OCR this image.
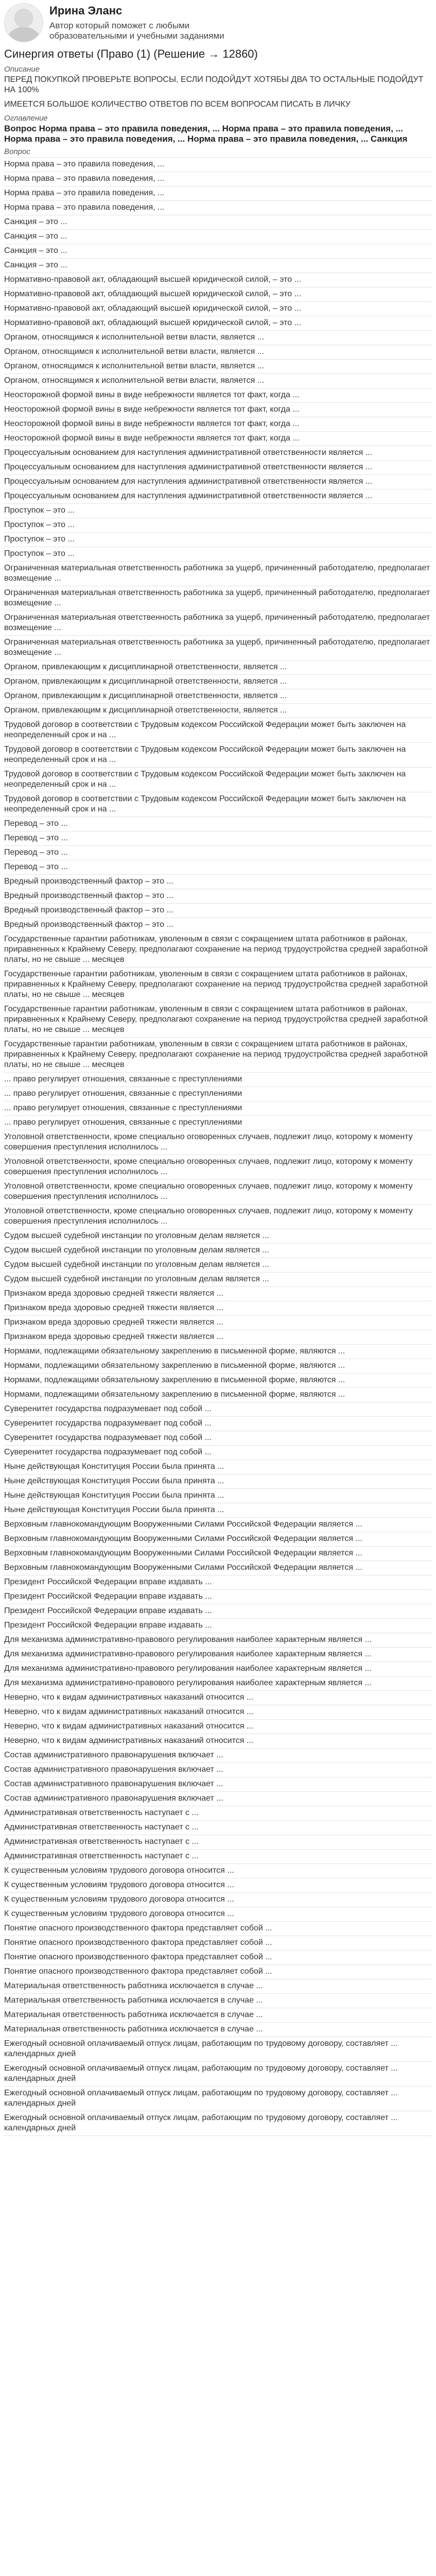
Ирина Эланс
Автор который поможет с любыми образовательными и учебными заданиями
Синергия ответы (Право (1) (Решение → 12860)
Описание

ПЕРЕД ПОКУПКОЙ ПРОВЕРЬТЕ ВОПРОСЫ, ЕСЛИ ПОДОЙДУТ ХОТЯБЫ ДВА ТО ОСТАЛЬНЫЕ ПОДОЙДУТ НА 100%

ИМЕЕТСЯ БОЛЬШОЕ КОЛИЧЕСТВО ОТВЕТОВ ПО ВСЕМ ВОПРОСАМ ПИСАТЬ В ЛИЧКУ

Оглавление
Вопрос Норма права – это правила поведения, ... Норма права – это правила поведения, ... Норма права – это правила поведения, ... Норма права – это правила поведения, ... Санкция
Вопрос
Норма права – это правила поведения, ...
Норма права – это правила поведения, ...
Норма права – это правила поведения, ...
Норма права – это правила поведения, ...
Санкция – это ...
Санкция – это ...
Санкция – это ...
Санкция – это ...
Нормативно-правовой акт, обладающий высшей юридической силой, – это ...
Нормативно-правовой акт, обладающий высшей юридической силой, – это ...
Нормативно-правовой акт, обладающий высшей юридической силой, – это ...
Нормативно-правовой акт, обладающий высшей юридической силой, – это ...
Органом, относящимся к исполнительной ветви власти, является ...
Органом, относящимся к исполнительной ветви власти, является ...
Органом, относящимся к исполнительной ветви власти, является ...
Органом, относящимся к исполнительной ветви власти, является ...
Неосторожной формой вины в виде небрежности является тот факт, когда ...
Неосторожной формой вины в виде небрежности является тот факт, когда ...
Неосторожной формой вины в виде небрежности является тот факт, когда ...
Неосторожной формой вины в виде небрежности является тот факт, когда ...
Процессуальным основанием для наступления административной ответственности является ...
Процессуальным основанием для наступления административной ответственности является ...
Процессуальным основанием для наступления административной ответственности является ...
Процессуальным основанием для наступления административной ответственности является ...
Проступок – это ...
Проступок – это ...
Проступок – это ...
Проступок – это ...
Ограниченная материальная ответственность работника за ущерб, причиненный работодателю, предполагает возмещение ...
Ограниченная материальная ответственность работника за ущерб, причиненный работодателю, предполагает возмещение ...
Ограниченная материальная ответственность работника за ущерб, причиненный работодателю, предполагает возмещение ...
Ограниченная материальная ответственность работника за ущерб, причиненный работодателю, предполагает возмещение ...
Органом, привлекающим к дисциплинарной ответственности, является ...
Органом, привлекающим к дисциплинарной ответственности, является ...
Органом, привлекающим к дисциплинарной ответственности, является ...
Органом, привлекающим к дисциплинарной ответственности, является ...
Трудовой договор в соответствии с Трудовым кодексом Российской Федерации может быть заключен на неопределенный срок и на ...
Трудовой договор в соответствии с Трудовым кодексом Российской Федерации может быть заключен на неопределенный срок и на ...
Трудовой договор в соответствии с Трудовым кодексом Российской Федерации может быть заключен на неопределенный срок и на ...
Трудовой договор в соответствии с Трудовым кодексом Российской Федерации может быть заключен на неопределенный срок и на ...
Перевод – это ...
Перевод – это ...
Перевод – это ...
Перевод – это ...
Вредный производственный фактор – это ...
Вредный производственный фактор – это ...
Вредный производственный фактор – это ...
Вредный производственный фактор – это ...
Государственные гарантии работникам, уволенным в связи с сокращением штата работников в районах, приравненных к Крайнему Северу, предполагают сохранение на период трудоустройства средней заработной платы, но не свыше ... месяцев
Государственные гарантии работникам, уволенным в связи с сокращением штата работников в районах, приравненных к Крайнему Северу, предполагают сохранение на период трудоустройства средней заработной платы, но не свыше ... месяцев
Государственные гарантии работникам, уволенным в связи с сокращением штата работников в районах, приравненных к Крайнему Северу, предполагают сохранение на период трудоустройства средней заработной платы, но не свыше ... месяцев
Государственные гарантии работникам, уволенным в связи с сокращением штата работников в районах, приравненных к Крайнему Северу, предполагают сохранение на период трудоустройства средней заработной платы, но не свыше ... месяцев
... право регулирует отношения, связанные с преступлениями
... право регулирует отношения, связанные с преступлениями
... право регулирует отношения, связанные с преступлениями
... право регулирует отношения, связанные с преступлениями
Уголовной ответственности, кроме специально оговоренных случаев, подлежит лицо, которому к моменту совершения преступления исполнилось ...
Уголовной ответственности, кроме специально оговоренных случаев, подлежит лицо, которому к моменту совершения преступления исполнилось ...
Уголовной ответственности, кроме специально оговоренных случаев, подлежит лицо, которому к моменту совершения преступления исполнилось ...
Уголовной ответственности, кроме специально оговоренных случаев, подлежит лицо, которому к моменту совершения преступления исполнилось ...
Судом высшей судебной инстанции по уголовным делам является ...
Судом высшей судебной инстанции по уголовным делам является ...
Судом высшей судебной инстанции по уголовным делам является ...
Судом высшей судебной инстанции по уголовным делам является ...
Признаком вреда здоровью средней тяжести является ...
Признаком вреда здоровью средней тяжести является ...
Признаком вреда здоровью средней тяжести является ...
Признаком вреда здоровью средней тяжести является ...
Нормами, подлежащими обязательному закреплению в письменной форме, являются ...
Нормами, подлежащими обязательному закреплению в письменной форме, являются ...
Нормами, подлежащими обязательному закреплению в письменной форме, являются ...
Нормами, подлежащими обязательному закреплению в письменной форме, являются ...
Суверенитет государства подразумевает под собой ...
Суверенитет государства подразумевает под собой ...
Суверенитет государства подразумевает под собой ...
Суверенитет государства подразумевает под собой ...
Ныне действующая Конституция России была принята ...
Ныне действующая Конституция России была принята ...
Ныне действующая Конституция России была принята ...
Ныне действующая Конституция России была принята ...
Верховным главнокомандующим Вооруженными Силами Российской Федерации является ...
Верховным главнокомандующим Вооруженными Силами Российской Федерации является ...
Верховным главнокомандующим Вооруженными Силами Российской Федерации является ...
Верховным главнокомандующим Вооруженными Силами Российской Федерации является ...
Президент Российской Федерации вправе издавать ...
Президент Российской Федерации вправе издавать ...
Президент Российской Федерации вправе издавать ...
Президент Российской Федерации вправе издавать ...
Для механизма административно-правового регулирования наиболее характерным является ...
Для механизма административно-правового регулирования наиболее характерным является ...
Для механизма административно-правового регулирования наиболее характерным является ...
Для механизма административно-правового регулирования наиболее характерным является ...
Неверно, что к видам административных наказаний относится ...
Неверно, что к видам административных наказаний относится ...
Неверно, что к видам административных наказаний относится ...
Неверно, что к видам административных наказаний относится ...
Состав административного правонарушения включает ...
Состав административного правонарушения включает ...
Состав административного правонарушения включает ...
Состав административного правонарушения включает ...
Административная ответственность наступает с ...
Административная ответственность наступает с ...
Административная ответственность наступает с ...
Административная ответственность наступает с ...
К существенным условиям трудового договора относится ...
К существенным условиям трудового договора относится ...
К существенным условиям трудового договора относится ...
К существенным условиям трудового договора относится ...
Понятие опасного производственного фактора представляет собой ...
Понятие опасного производственного фактора представляет собой ...
Понятие опасного производственного фактора представляет собой ...
Понятие опасного производственного фактора представляет собой ...
Материальная ответственность работника исключается в случае ...
Материальная ответственность работника исключается в случае ...
Материальная ответственность работника исключается в случае ...
Материальная ответственность работника исключается в случае ...
Ежегодный основной оплачиваемый отпуск лицам, работающим по трудовому договору, составляет ... календарных дней
Ежегодный основной оплачиваемый отпуск лицам, работающим по трудовому договору, составляет ... календарных дней
Ежегодный основной оплачиваемый отпуск лицам, работающим по трудовому договору, составляет ... календарных дней
Ежегодный основной оплачиваемый отпуск лицам, работающим по трудовому договору, составляет ... календарных дней
